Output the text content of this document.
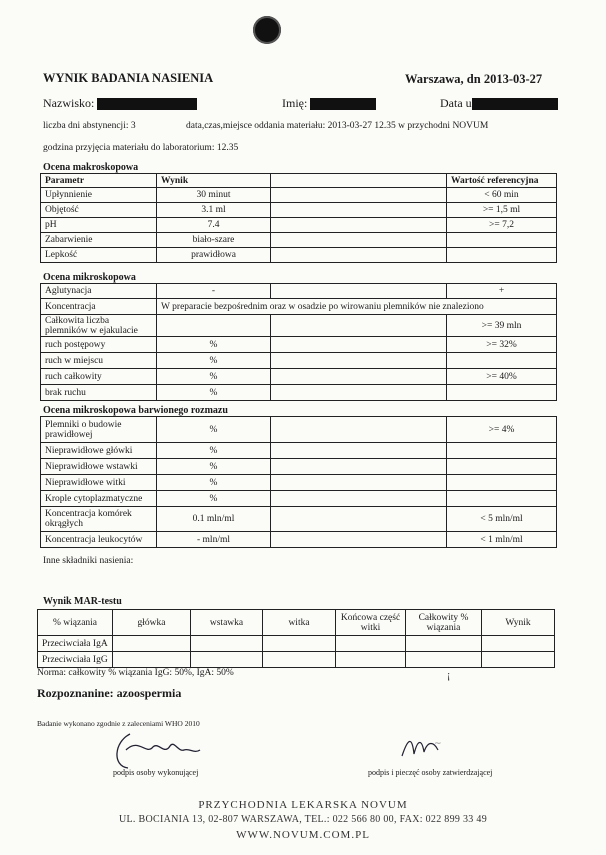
WYNIK BADANIA NASIENIA	Warszawa, dn 2013-03-27
Nazwisko:	Imię:	Data u
liczba dni abstynencji: 3	data,czas,miejsce oddania materiału: 2013-03-27 12.35 w przychodni NOVUM
godzina przyjęcia materiału do laboratorium: 12.35
Ocena makroskopowa
Parametr	Wynik		Wartość referencyjna
Upłynnienie	30 minut		< 60 min
Objętość	3.1 ml		>= 1,5 ml
pH	7.4		>= 7,2
Zabarwienie	biało-szare		
Lepkość	prawidłowa		
Ocena mikroskopowa
Aglutynacja	-		+
Koncentracja	W preparacie bezpośrednim oraz w osadzie po wirowaniu plemników nie znaleziono		
Całkowita liczba plemników w ejakulacie			>= 39 mln
ruch postępowy	%		>= 32%
ruch w miejscu	%		
ruch całkowity	%		>= 40%
brak ruchu	%		
Ocena mikroskopowa barwionego rozmazu
Plemniki o budowie prawidłowej	%		>= 4%
Nieprawidłowe główki	%		
Nieprawidłowe wstawki	%		
Nieprawidłowe witki	%		
Krople cytoplazmatyczne	%		
Koncentracja komórek okrągłych	0.1 mln/ml		< 5 mln/ml
Koncentracja leukocytów	- mln/ml		< 1 mln/ml
Inne składniki nasienia:
Wynik MAR-testu
% wiązania	główka	wstawka	witka	Końcowa część witki	Całkowity % wiązania	Wynik
Przeciwciała IgA						
Przeciwciała IgG						
Norma: całkowity % wiązania IgG: 50%, IgA: 50%
Rozpoznanine: azoospermia
Badanie wykonano zgodnie z zaleceniami WHO 2010
podpis osoby wykonującej
~
podpis i pieczęć osoby zatwierdzającej
¡
PRZYCHODNIA LEKARSKA NOVUM
UL. BOCIANIA 13, 02-807 WARSZAWA, TEL.: 022 566 80 00, FAX: 022 899 33 49
WWW.NOVUM.COM.PL
